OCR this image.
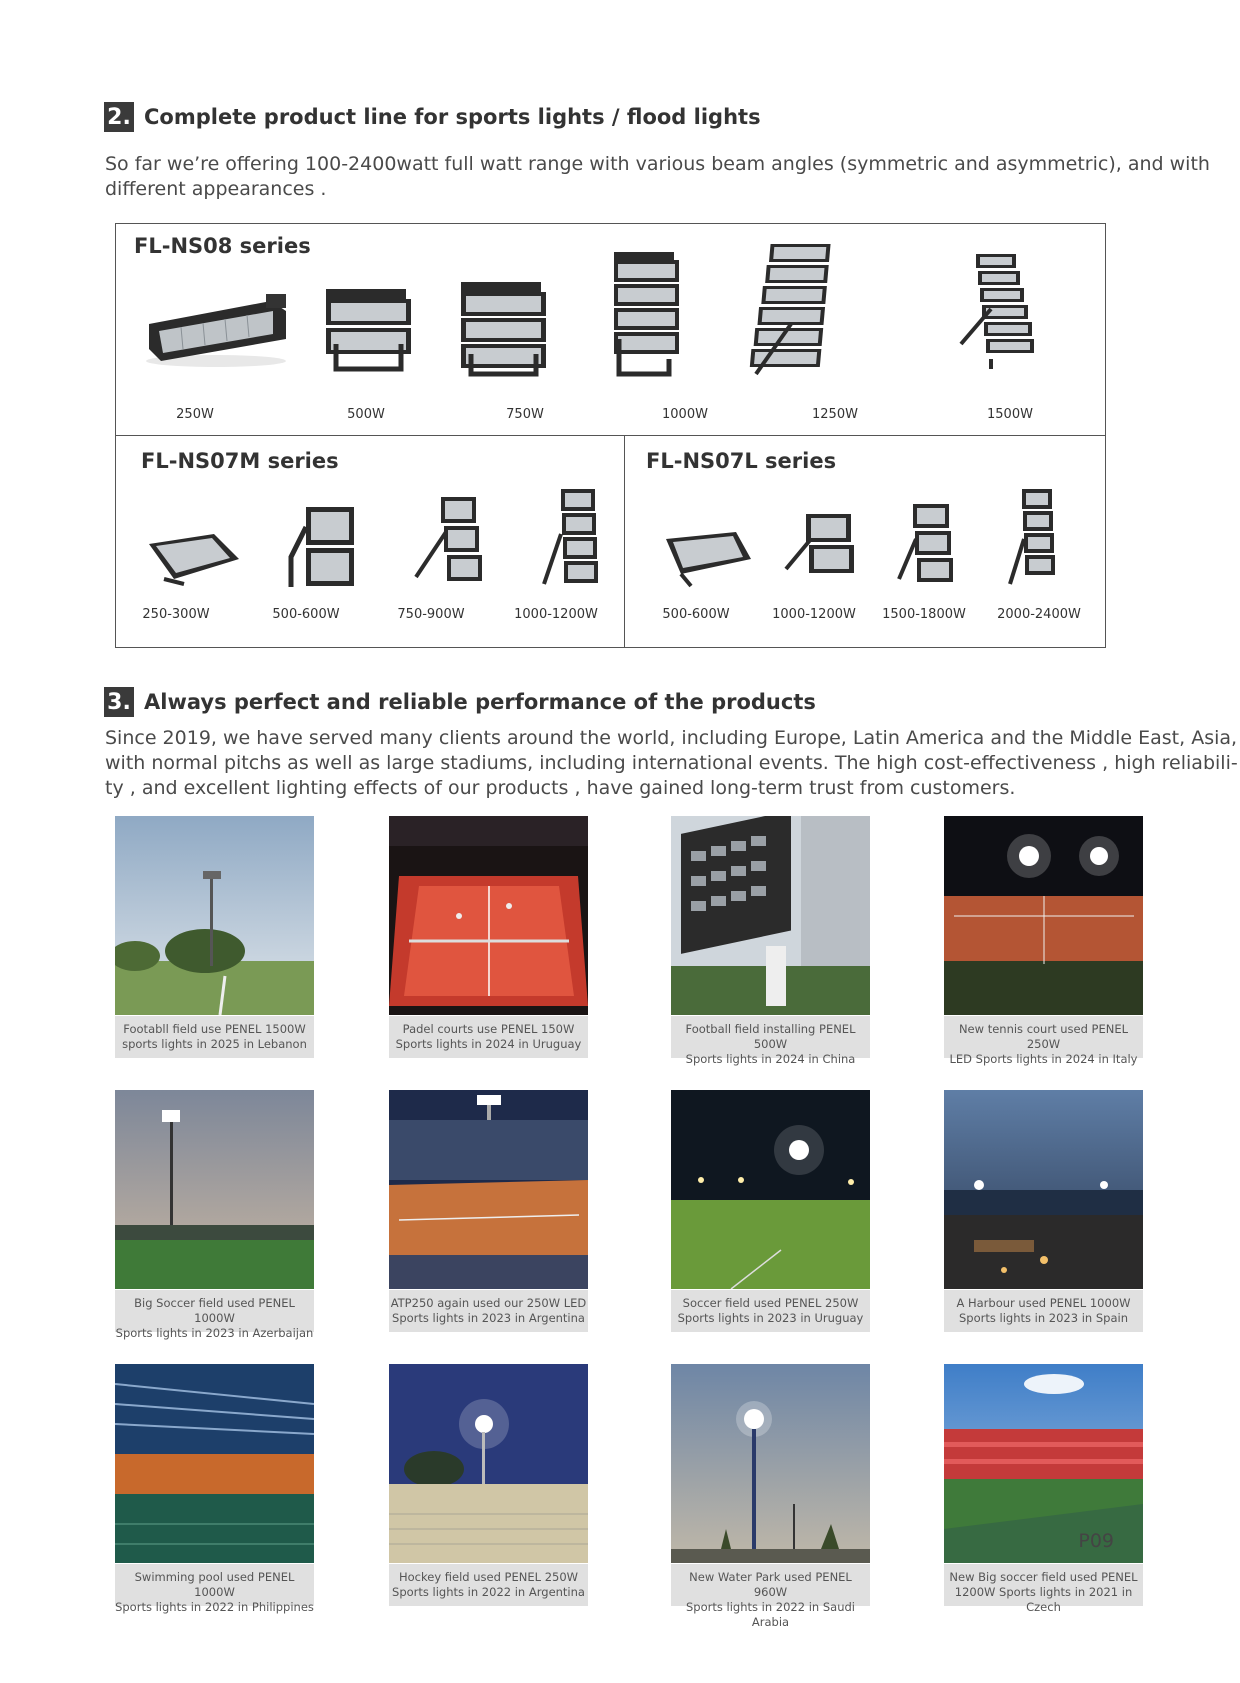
2. Complete product line for sports lights / flood lights
So far we’re offering 100-2400watt full watt range with various beam angles (symmetric and asymmetric), and with
different appearances .
FL-NS08 series
FL-NS07M series	FL-NS07L series
250W	500W	750W	1000W	1250W	1500W
250-300W	500-600W	750-900W	1000-1200W	500-600W	1000-1200W	1500-1800W	2000-2400W
3. Always perfect and reliable performance of the products
Since 2019, we have served many clients around the world, including Europe, Latin America and the Middle East, Asia,
with normal pitchs as well as large stadiums, including international events. The high cost-effectiveness , high reliabili-
ty , and excellent lighting effects of our products , have gained long-term trust from customers.
Footabll field use PENEL 1500W
sports lights in 2025 in Lebanon
Padel courts use PENEL 150W
Sports lights in 2024 in Uruguay
Football field installing PENEL 500W
Sports lights in 2024 in China
New tennis court used PENEL 250W
LED Sports lights in 2024 in Italy
Big Soccer field used PENEL 1000W
Sports lights in 2023 in Azerbaijan
ATP250 again used our 250W LED
Sports lights in 2023 in Argentina
Soccer field used PENEL 250W
Sports lights in 2023 in Uruguay
A Harbour used PENEL 1000W
Sports lights in 2023 in Spain
Swimming pool used PENEL 1000W
Sports lights in 2022 in Philippines
Hockey field used PENEL 250W
Sports lights in 2022 in Argentina
New Water Park used PENEL 960W
Sports lights in 2022 in Saudi Arabia
New Big soccer field used PENEL
1200W Sports lights in 2021 in Czech
P09
